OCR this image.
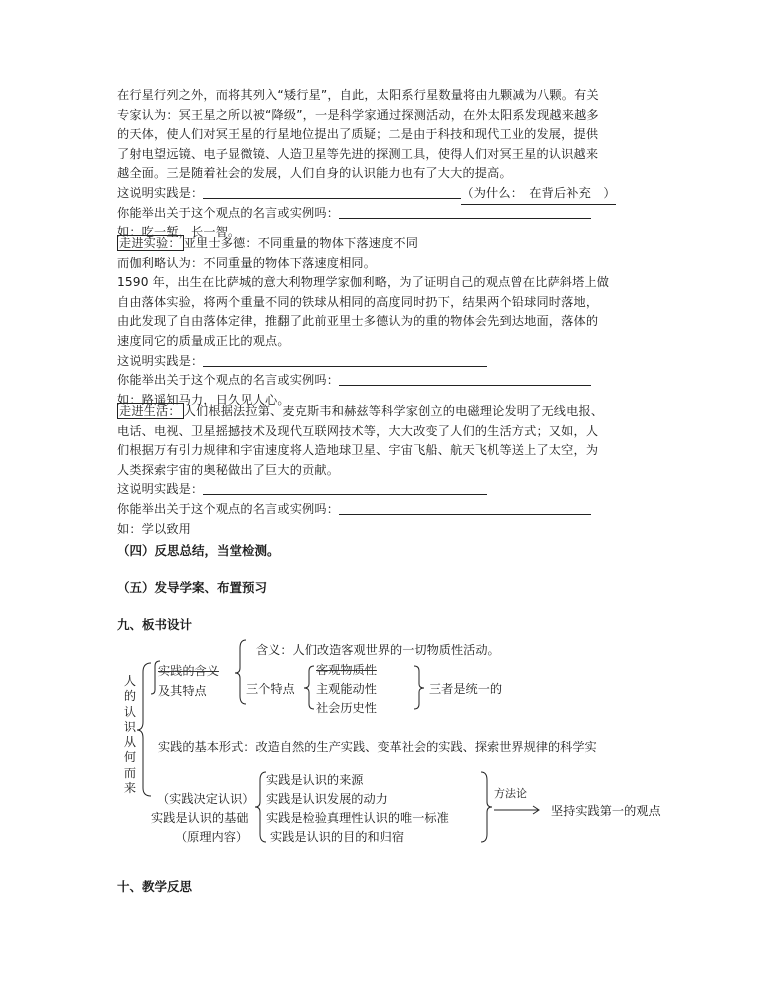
在行星行列之外，而将其列入“矮行星”，自此，太阳系行星数量将由九颗减为八颗。有关
专家认为：冥王星之所以被“降级”，一是科学家通过探测活动，在外太阳系发现越来越多
的天体，使人们对冥王星的行星地位提出了质疑；二是由于科技和现代工业的发展，提供
了射电望远镜、电子显微镜、人造卫星等先进的探测工具，使得人们对冥王星的认识越来
越全面。三是随着社会的发展，人们自身的认识能力也有了大大的提高。
这说明实践是：	（为什么：　在背后补充　）
你能举出关于这个观点的名言或实例吗：
如：吃一堑，长一智。
走进实验： 亚里士多德：不同重量的物体下落速度不同
而伽利略认为：不同重量的物体下落速度相同。
1590 年，出生在比萨城的意大利物理学家伽利略，为了证明自己的观点曾在比萨斜塔上做
自由落体实验，将两个重量不同的铁球从相同的高度同时扔下，结果两个铅球同时落地，
由此发现了自由落体定律，推翻了此前亚里士多德认为的重的物体会先到达地面，落体的
速度同它的质量成正比的观点。
这说明实践是：
你能举出关于这个观点的名言或实例吗：
如：路遥知马力，日久见人心。
走进生活： 人们根据法拉第、麦克斯韦和赫兹等科学家创立的电磁理论发明了无线电报、
电话、电视、卫星摇撼技术及现代互联网技术等，大大改变了人们的生活方式；又如，人
们根据万有引力规律和宇宙速度将人造地球卫星、宇宙飞船、航天飞机等送上了太空，为
人类探索宇宙的奥秘做出了巨大的贡献。
这说明实践是：
你能举出关于这个观点的名言或实例吗：
如：学以致用
（四）反思总结，当堂检测。
（五）发导学案、布置预习
九、板书设计
十、教学反思
人
的
认
识
从
何
而
来
实践的含义
及其特点
含义：人们改造客观世界的一切物质性活动。
三个特点
客观物质性
主观能动性
社会历史性
三者是统一的
实践的基本形式：改造自然的生产实践、变革社会的实践、探索世界规律的科学实
（实践决定认识）
实践是认识的基础
（原理内容）
实践是认识的来源
实践是认识发展的动力
实践是检验真理性认识的唯一标准
实践是认识的目的和归宿
方法论
坚持实践第一的观点
